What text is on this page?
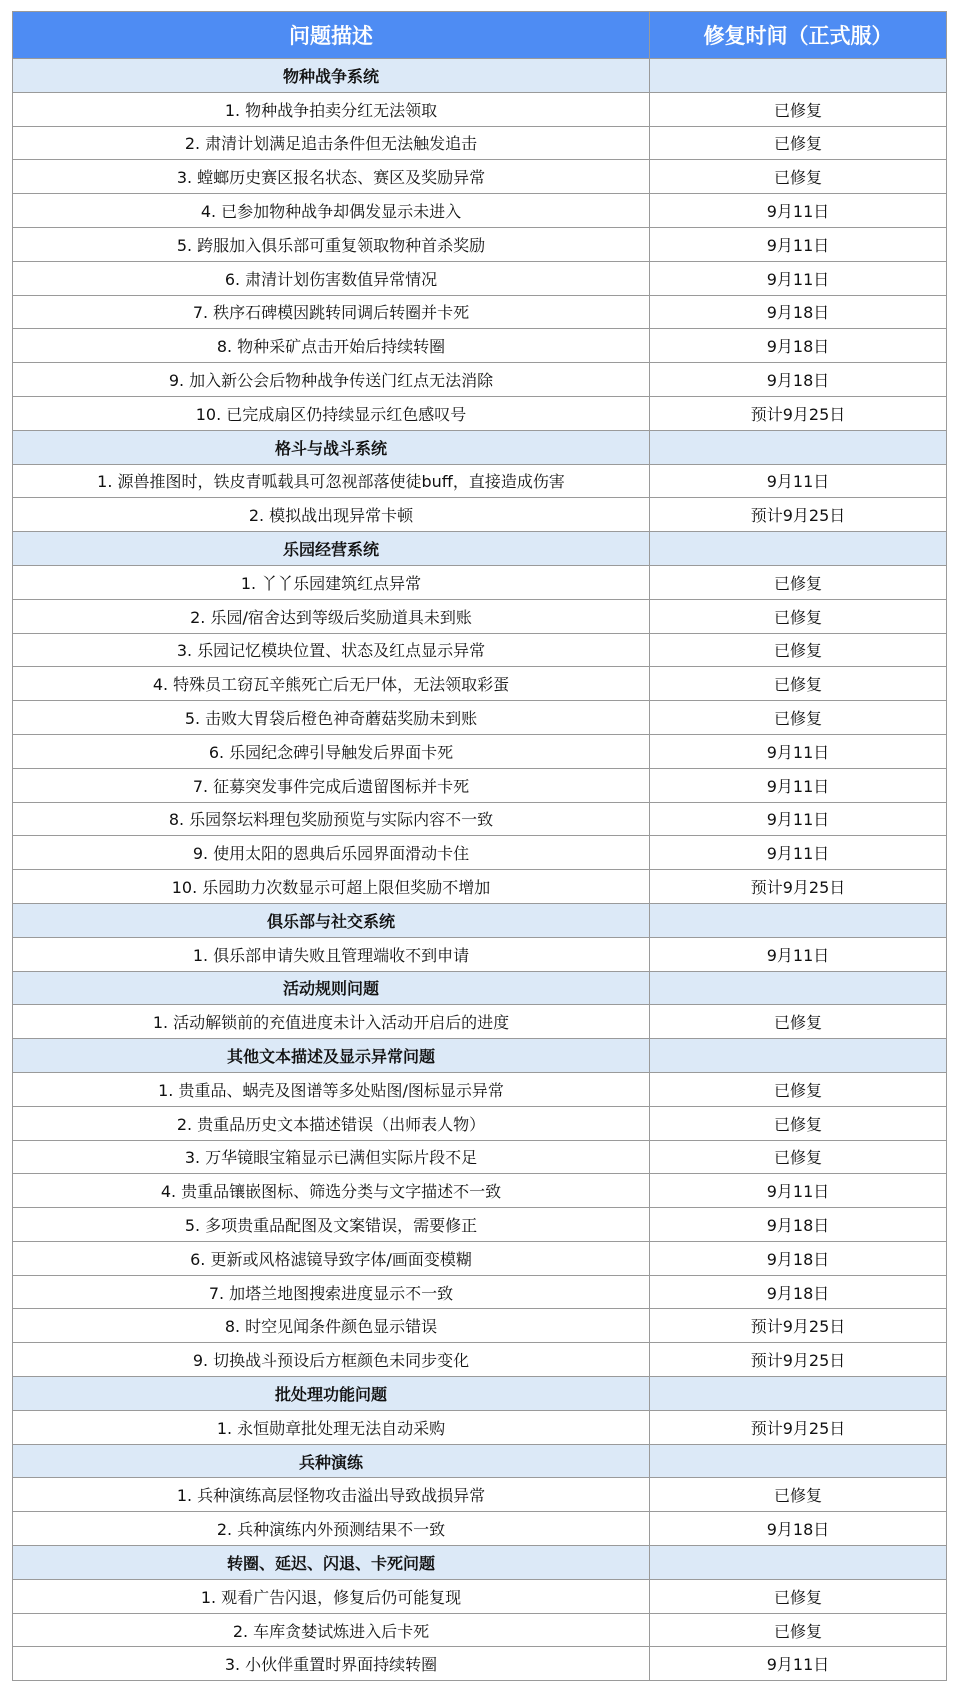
问题描述	修复时间（正式服）
物种战争系统	
1. 物种战争拍卖分红无法领取	已修复
2. 肃清计划满足追击条件但无法触发追击	已修复
3. 螳螂历史赛区报名状态、赛区及奖励异常	已修复
4. 已参加物种战争却偶发显示未进入	9月11日
5. 跨服加入俱乐部可重复领取物种首杀奖励	9月11日
6. 肃清计划伤害数值异常情况	9月11日
7. 秩序石碑模因跳转同调后转圈并卡死	9月18日
8. 物种采矿点击开始后持续转圈	9月18日
9. 加入新公会后物种战争传送门红点无法消除	9月18日
10. 已完成扇区仍持续显示红色感叹号	预计9月25日
格斗与战斗系统	
1. 源兽推图时，铁皮青呱载具可忽视部落使徒buff，直接造成伤害	9月11日
2. 模拟战出现异常卡顿	预计9月25日
乐园经营系统	
1. 丫丫乐园建筑红点异常	已修复
2. 乐园/宿舍达到等级后奖励道具未到账	已修复
3. 乐园记忆模块位置、状态及红点显示异常	已修复
4. 特殊员工窃瓦辛熊死亡后无尸体，无法领取彩蛋	已修复
5. 击败大胃袋后橙色神奇蘑菇奖励未到账	已修复
6. 乐园纪念碑引导触发后界面卡死	9月11日
7. 征募突发事件完成后遗留图标并卡死	9月11日
8. 乐园祭坛料理包奖励预览与实际内容不一致	9月11日
9. 使用太阳的恩典后乐园界面滑动卡住	9月11日
10. 乐园助力次数显示可超上限但奖励不增加	预计9月25日
俱乐部与社交系统	
1. 俱乐部申请失败且管理端收不到申请	9月11日
活动规则问题	
1. 活动解锁前的充值进度未计入活动开启后的进度	已修复
其他文本描述及显示异常问题	
1. 贵重品、蜗壳及图谱等多处贴图/图标显示异常	已修复
2. 贵重品历史文本描述错误（出师表人物）	已修复
3. 万华镜眼宝箱显示已满但实际片段不足	已修复
4. 贵重品镶嵌图标、筛选分类与文字描述不一致	9月11日
5. 多项贵重品配图及文案错误，需要修正	9月18日
6. 更新或风格滤镜导致字体/画面变模糊	9月18日
7. 加塔兰地图搜索进度显示不一致	9月18日
8. 时空见闻条件颜色显示错误	预计9月25日
9. 切换战斗预设后方框颜色未同步变化	预计9月25日
批处理功能问题	
1. 永恒勋章批处理无法自动采购	预计9月25日
兵种演练	
1. 兵种演练高层怪物攻击溢出导致战损异常	已修复
2. 兵种演练内外预测结果不一致	9月18日
转圈、延迟、闪退、卡死问题	
1. 观看广告闪退，修复后仍可能复现	已修复
2. 车库贪婪试炼进入后卡死	已修复
3. 小伙伴重置时界面持续转圈	9月11日
